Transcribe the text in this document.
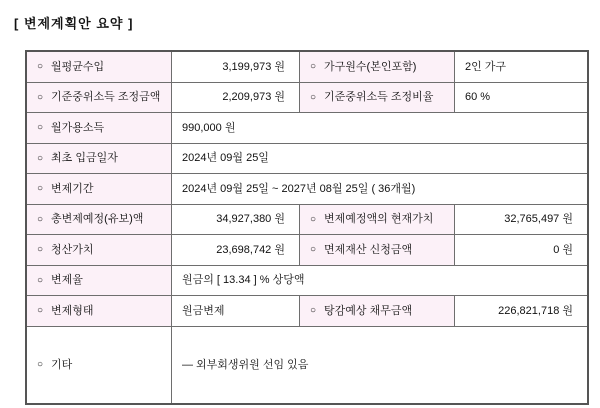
[ 변제계획안 요약 ]
○ 월평균수입	3,199,973 원	○ 가구원수(본인포함)	2인 가구
○ 기준중위소득 조정금액	2,209,973 원	○ 기준중위소득 조정비율	60 %
○ 월가용소득	990,000 원
○ 최초 입금일자	2024년 09월 25일
○ 변제기간	2024년 09월 25일 ~ 2027년 08월 25일 ( 36개월)
○ 총변제예정(유보)액	34,927,380 원	○ 변제예정액의 현재가치	32,765,497 원
○ 청산가치	23,698,742 원	○ 면제재산 신청금액	0 원
○ 변제율	원금의 [ 13.34 ] % 상당액
○ 변제형태	원금변제	○ 탕감예상 채무금액	226,821,718 원
○ 기타	— 외부회생위원 선임 있음
